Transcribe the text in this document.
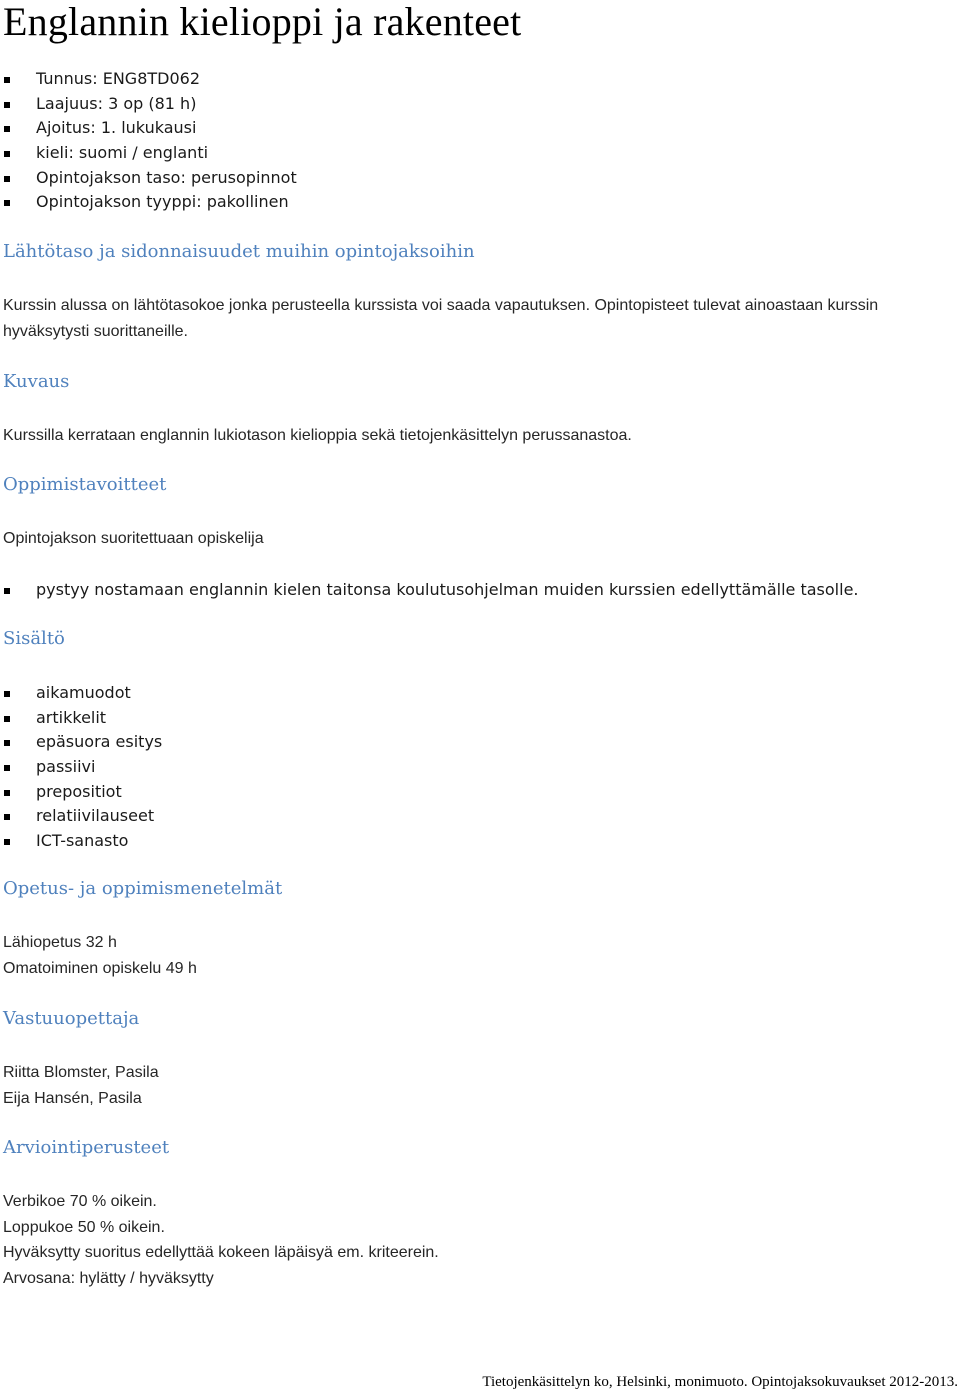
Englannin kielioppi ja rakenteet
Tunnus: ENG8TD062
Laajuus: 3 op (81 h)
Ajoitus: 1. lukukausi
kieli: suomi / englanti
Opintojakson taso: perusopinnot
Opintojakson tyyppi: pakollinen
Lähtötaso ja sidonnaisuudet muihin opintojaksoihin

Kurssin alussa on lähtötasokoe jonka perusteella kurssista voi saada vapautuksen. Opintopisteet tulevat ainoastaan kurssin hyväksytysti suorittaneille.

Kuvaus

Kurssilla kerrataan englannin lukiotason kielioppia sekä tietojenkäsittelyn perussanastoa.

Oppimistavoitteet

Opintojakson suoritettuaan opiskelija

pystyy nostamaan englannin kielen taitonsa koulutusohjelman muiden kurssien edellyttämälle tasolle.
Sisältö
aikamuodot
artikkelit
epäsuora esitys
passiivi
prepositiot
relatiivilauseet
ICT-sanasto
Opetus- ja oppimismenetelmät
Lähiopetus 32 h
Omatoiminen opiskelu 49 h
Vastuuopettaja
Riitta Blomster, Pasila
Eija Hansén, Pasila
Arviointiperusteet
Verbikoe 70 % oikein.
Loppukoe 50 % oikein.
Hyväksytty suoritus edellyttää kokeen läpäisyä em. kriteerein.
Arvosana: hylätty / hyväksytty
Tietojenkäsittelyn ko, Helsinki, monimuoto. Opintojaksokuvaukset 2012-2013.
